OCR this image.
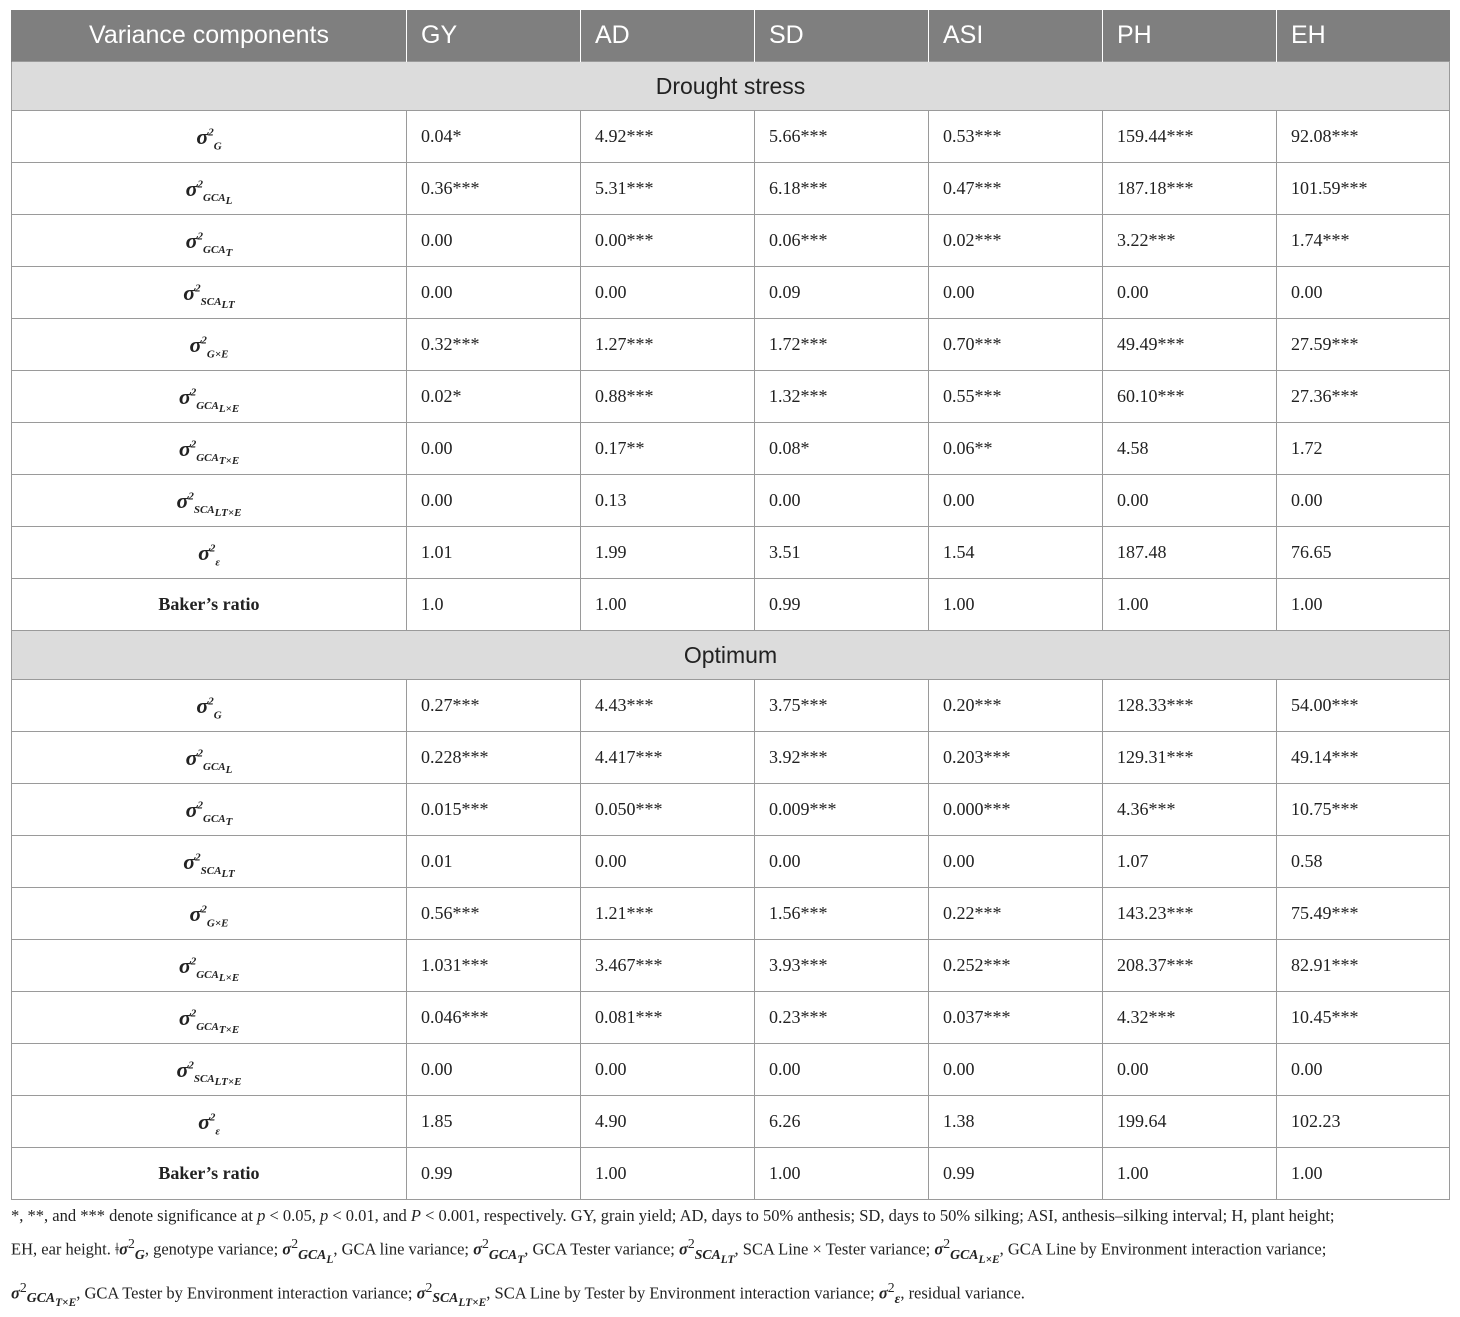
Variance components	GY	AD	SD	ASI	PH	EH
Drought stress						
$\sigma^2_G$	0.04*	4.92***	5.66***	0.53***	159.44***	92.08***
$\sigma^2_{GCA_L}$	0.36***	5.31***	6.18***	0.47***	187.18***	101.59***
$\sigma^2_{GCA_T}$	0.00	0.00***	0.06***	0.02***	3.22***	1.74***
$\sigma^2_{SCA_{LT}}$	0.00	0.00	0.09	0.00	0.00	0.00
$\sigma^2_{G\times E}$	0.32***	1.27***	1.72***	0.70***	49.49***	27.59***
$\sigma^2_{GCA_{L\times E}}$	0.02*	0.88***	1.32***	0.55***	60.10***	27.36***
$\sigma^2_{GCA_{T\times E}}$	0.00	0.17**	0.08*	0.06**	4.58	1.72
$\sigma^2_{SCA_{LT\times E}}$	0.00	0.13	0.00	0.00	0.00	0.00
$\sigma^2_\varepsilon$	1.01	1.99	3.51	1.54	187.48	76.65
Baker’s ratio	1.0	1.00	0.99	1.00	1.00	1.00
Optimum						
$\sigma^2_G$	0.27***	4.43***	3.75***	0.20***	128.33***	54.00***
$\sigma^2_{GCA_L}$	0.228***	4.417***	3.92***	0.203***	129.31***	49.14***
$\sigma^2_{GCA_T}$	0.015***	0.050***	0.009***	0.000***	4.36***	10.75***
$\sigma^2_{SCA_{LT}}$	0.01	0.00	0.00	0.00	1.07	0.58
$\sigma^2_{G\times E}$	0.56***	1.21***	1.56***	0.22***	143.23***	75.49***
$\sigma^2_{GCA_{L\times E}}$	1.031***	3.467***	3.93***	0.252***	208.37***	82.91***
$\sigma^2_{GCA_{T\times E}}$	0.046***	0.081***	0.23***	0.037***	4.32***	10.45***
$\sigma^2_{SCA_{LT\times E}}$	0.00	0.00	0.00	0.00	0.00	0.00
$\sigma^2_\varepsilon$	1.85	4.90	6.26	1.38	199.64	102.23
Baker’s ratio	0.99	1.00	1.00	0.99	1.00	1.00

*, **, and *** denote significance at p < 0.05, p < 0.01, and P < 0.001, respectively. GY, grain yield; AD, days to 50% anthesis; SD, days to 50% silking; ASI, anthesis–silking interval; H, plant height;

EH, ear height. $ǂ\sigma^2_G$, genotype variance; $\sigma^2_{GCA_L}$, GCA line variance; $\sigma^2_{GCA_T}$, GCA Tester variance; $\sigma^2_{SCA_{LT}}$, SCA Line × Tester variance; $\sigma^2_{GCA_{L\times E}}$, GCA Line by Environment interaction variance;

$\sigma^2_{GCA_{T\times E}}$, GCA Tester by Environment interaction variance; $\sigma^2_{SCA_{LT\times E}}$, SCA Line by Tester by Environment interaction variance; $\sigma^2_\varepsilon$, residual variance.
